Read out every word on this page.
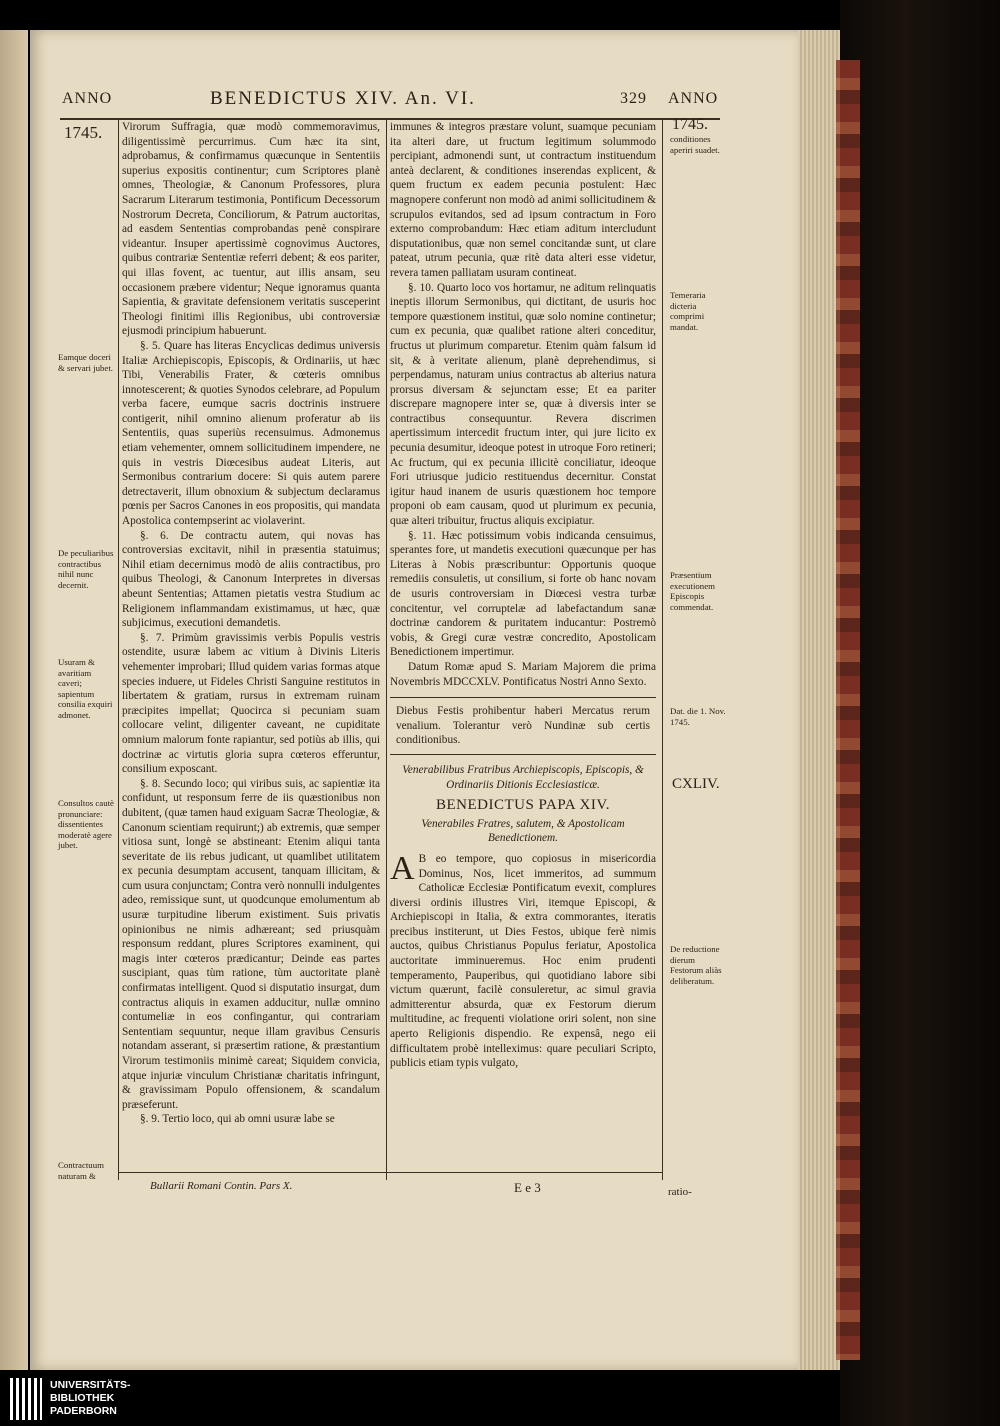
ANNO	BENEDICTUS XIV. An. VI.	329 ANNO
1745.	1745.

Virorum Suffragia, quæ modò commemoravimus, diligentissimè percurrimus. Cum hæc ita sint, adprobamus, & confirmamus quæcunque in Sententiis superius expositis continentur; cum Scriptores planè omnes, Theologiæ, & Canonum Professores, plura Sacrarum Literarum testimonia, Pontificum Decessorum Nostrorum Decreta, Conciliorum, & Patrum auctoritas, ad easdem Sententias comprobandas penè conspirare videantur. Insuper apertissimè cognovimus Auctores, quibus contrariæ Sententiæ referri debent; & eos pariter, qui illas fovent, ac tuentur, aut illis ansam, seu occasionem præbere videntur; Neque ignoramus quanta Sapientia, & gravitate defensionem veritatis susceperint Theologi finitimi illis Regionibus, ubi controversiæ ejusmodi principium habuerunt.

§. 5. Quare has literas Encyclicas dedimus universis Italiæ Archiepiscopis, Episcopis, & Ordinariis, ut hæc Tibi, Venerabilis Frater, & cœteris omnibus innotescerent; & quoties Synodos celebrare, ad Populum verba facere, eumque sacris doctrinis instruere contigerit, nihil omnino alienum proferatur ab iis Sententiis, quas superiùs recensuimus. Admonemus etiam vehementer, omnem sollicitudinem impendere, ne quis in vestris Diœcesibus audeat Literis, aut Sermonibus contrarium docere: Si quis autem parere detrectaverit, illum obnoxium & subjectum declaramus pœnis per Sacros Canones in eos propositis, qui mandata Apostolica contempserint ac violaverint.

§. 6. De contractu autem, qui novas has controversias excitavit, nihil in præsentia statuimus; Nihil etiam decernimus modò de aliis contractibus, pro quibus Theologi, & Canonum Interpretes in diversas abeunt Sententias; Attamen pietatis vestra Studium ac Religionem inflammandam existimamus, ut hæc, quæ subjicimus, executioni demandetis.

§. 7. Primùm gravissimis verbis Populis vestris ostendite, usuræ labem ac vitium à Divinis Literis vehementer improbari; Illud quidem varias formas atque species induere, ut Fideles Christi Sanguine restitutos in libertatem & gratiam, rursus in extremam ruinam præcipites impellat; Quocirca si pecuniam suam collocare velint, diligenter caveant, ne cupiditate omnium malorum fonte rapiantur, sed potiùs ab illis, qui doctrinæ ac virtutis gloria supra cœteros efferuntur, consilium exposcant.

§. 8. Secundo loco; qui viribus suis, ac sapientiæ ita confidunt, ut responsum ferre de iis quæstionibus non dubitent, (quæ tamen haud exiguam Sacræ Theologiæ, & Canonum scientiam requirunt;) ab extremis, quæ semper vitiosa sunt, longè se abstineant: Etenim aliqui tanta severitate de iis rebus judicant, ut quamlibet utilitatem ex pecunia desumptam accusent, tanquam illicitam, & cum usura conjunctam; Contra verò nonnulli indulgentes adeo, remissique sunt, ut quodcunque emolumentum ab usuræ turpitudine liberum existiment. Suis privatis opinionibus ne nimis adhæreant; sed priusquàm responsum reddant, plures Scriptores examinent, qui magis inter cœteros prædicantur; Deinde eas partes suscipiant, quas tùm ratione, tùm auctoritate planè confirmatas intelligent. Quod si disputatio insurgat, dum contractus aliquis in examen adducitur, nullæ omnino contumeliæ in eos confingantur, qui contrariam Sententiam sequuntur, neque illam gravibus Censuris notandam asserant, si præsertim ratione, & præstantium Virorum testimoniis minimè careat; Siquidem convicia, atque injuriæ vinculum Christianæ charitatis infringunt, & gravissimam Populo offensionem, & scandalum præseferunt.

§. 9. Tertio loco, qui ab omni usuræ labe se

immunes & integros præstare volunt, suamque pecuniam ita alteri dare, ut fructum legitimum solummodo percipiant, admonendi sunt, ut contractum instituendum anteà declarent, & conditiones inserendas explicent, & quem fructum ex eadem pecunia postulent: Hæc magnopere conferunt non modò ad animi sollicitudinem & scrupulos evitandos, sed ad ipsum contractum in Foro externo comprobandum: Hæc etiam aditum intercludunt disputationibus, quæ non semel concitandæ sunt, ut clare pateat, utrum pecunia, quæ ritè data alteri esse videtur, revera tamen palliatam usuram contineat.

§. 10. Quarto loco vos hortamur, ne aditum relinquatis ineptis illorum Sermonibus, qui dictitant, de usuris hoc tempore quæstionem institui, quæ solo nomine continetur; cum ex pecunia, quæ qualibet ratione alteri conceditur, fructus ut plurimum comparetur. Etenim quàm falsum id sit, & à veritate alienum, planè deprehendimus, si perpendamus, naturam unius contractus ab alterius natura prorsus diversam & sejunctam esse; Et ea pariter discrepare magnopere inter se, quæ à diversis inter se contractibus consequuntur. Revera discrimen apertissimum intercedit fructum inter, qui jure licito ex pecunia desumitur, ideoque potest in utroque Foro retineri; Ac fructum, qui ex pecunia illicitè conciliatur, ideoque Fori utriusque judicio restituendus decernitur. Constat igitur haud inanem de usuris quæstionem hoc tempore proponi ob eam causam, quod ut plurimum ex pecunia, quæ alteri tribuitur, fructus aliquis excipiatur.

§. 11. Hæc potissimum vobis indicanda censuimus, sperantes fore, ut mandetis executioni quæcunque per has Literas à Nobis præscribuntur: Opportunis quoque remediis consuletis, ut consilium, si forte ob hanc novam de usuris controversiam in Diœcesi vestra turbæ concitentur, vel corruptelæ ad labefactandum sanæ doctrinæ candorem & puritatem inducantur: Postremò vobis, & Gregi curæ vestræ concredito, Apostolicam Benedictionem impertimur.

Datum Romæ apud S. Mariam Majorem die prima Novembris MDCCXLV. Pontificatus Nostri Anno Sexto.

Diebus Festis prohibentur haberi Mercatus rerum venalium. Tolerantur verò Nundinæ sub certis conditionibus.

Venerabilibus Fratribus Archiepiscopis, Episcopis, & Ordinariis Ditionis Ecclesiasticæ.

BENEDICTUS PAPA XIV.

Venerabiles Fratres, salutem, & Apostolicam Benedictionem.

A B eo tempore, quo copiosus in misericordia Dominus, Nos, licet immeritos, ad summum Catholicæ Ecclesiæ Pontificatum evexit, complures diversi ordinis illustres Viri, itemque Episcopi, & Archiepiscopi in Italia, & extra commorantes, iteratis precibus institerunt, ut Dies Festos, ubique ferè nimis auctos, quibus Christianus Populus feriatur, Apostolica auctoritate imminueremus. Hoc enim prudenti temperamento, Pauperibus, qui quotidiano labore sibi victum quærunt, facilè consuleretur, ac simul gravia admitterentur absurda, quæ ex Festorum dierum multitudine, ac frequenti violatione oriri solent, non sine aperto Religionis dispendio. Re expensâ, nego eii difficultatem probè intelleximus: quare peculiari Scripto, publicis etiam typis vulgato,

Eamque doceri & servari jubet.
De peculiaribus contractibus nihil nunc decernit.
Usuram & avaritiam caveri; sapientum consilia exquiri admonet.
Consultos cautè pronunciare: dissentientes moderatè agere jubet.
Contractuum naturam &
conditiones aperiri suadet.
Temeraria dicteria comprimi mandat.
Præsentium executionem Episcopis commendat.
Dat. die 1. Nov. 1745.
CXLIV.
De reductione dierum Festorum aliàs deliberatum.
Bullarii Romani Contin. Pars X.	E e 3	ratio-
UNIVERSITÄTS- BIBLIOTHEK PADERBORN
